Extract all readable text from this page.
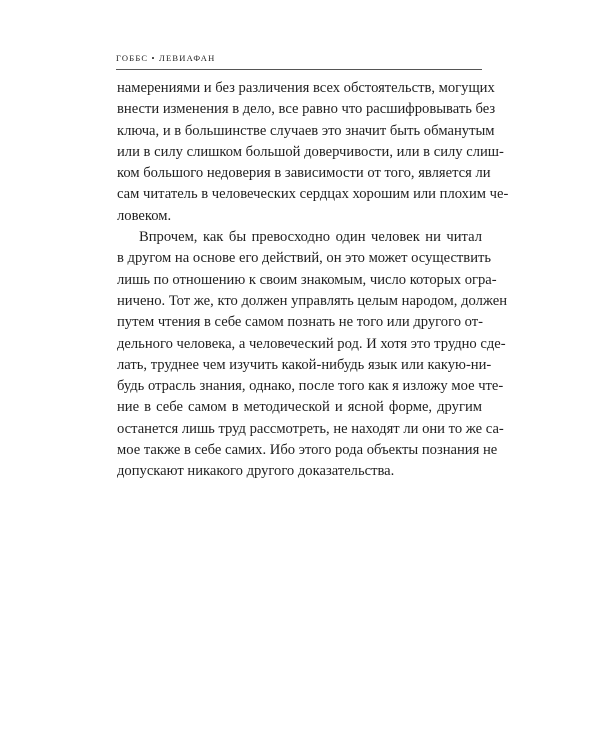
ГОББС • ЛЕВИАФАН
намерениями и без различения всех обстоятельств, могущих
внести изменения в дело, все равно что расшифровывать без
ключа, и в большинстве случаев это значит быть обманутым
или в силу слишком большой доверчивости, или в силу слиш-
ком большого недоверия в зависимости от того, является ли
сам читатель в человеческих сердцах хорошим или плохим че-
ловеком.
Впрочем, как бы превосходно один человек ни читал
в другом на основе его действий, он это может осуществить
лишь по отношению к своим знакомым, число которых огра-
ничено. Тот же, кто должен управлять целым народом, должен
путем чтения в себе самом познать не того или другого от-
дельного человека, а человеческий род. И хотя это трудно сде-
лать, труднее чем изучить какой-нибудь язык или какую-ни-
будь отрасль знания, однако, после того как я изложу мое чте-
ние в себе самом в методической и ясной форме, другим
останется лишь труд рассмотреть, не находят ли они то же са-
мое также в себе самих. Ибо этого рода объекты познания не
допускают никакого другого доказательства.
